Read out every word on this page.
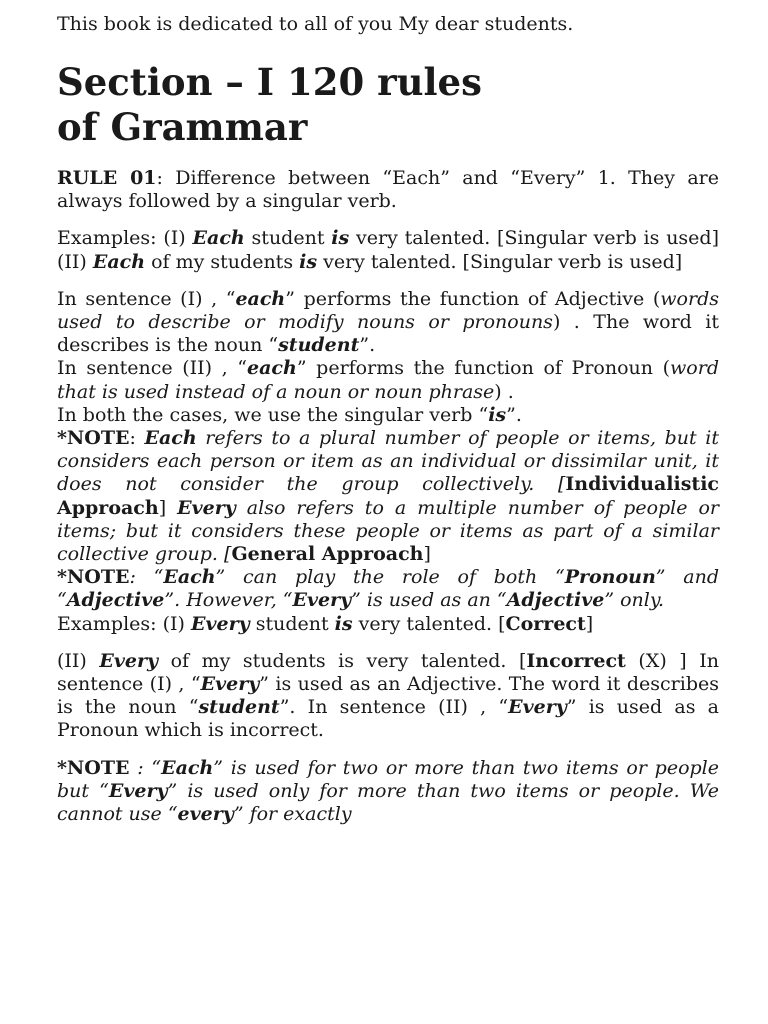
This book is dedicated to all of you My dear students.

Section – I 120 rules
of Grammar

RULE 01: Difference between “Each” and “Every” 1. They are always followed by a singular verb.

Examples: (I) Each student is very talented. [Singular verb is used] (II) Each of my students is very talented. [Singular verb is used]

In sentence (I) , “each” performs the function of Adjective (words used to describe or modify nouns or pronouns) . The word it describes is the noun “student”.

In sentence (II) , “each” performs the function of Pronoun (word that is used instead of a noun or noun phrase) .

In both the cases, we use the singular verb “is”.

*NOTE: Each refers to a plural number of people or items, but it considers each person or item as an individual or dissimilar unit, it does not consider the group collectively. [Individualistic Approach] Every also refers to a multiple number of people or items; but it considers these people or items as part of a similar collective group. [General Approach]

*NOTE: “Each” can play the role of both “Pronoun” and “Adjective”. However, “Every” is used as an “Adjective” only.

Examples: (I) Every student is very talented. [Correct]

(II) Every of my students is very talented. [Incorrect (X) ] In sentence (I) , “Every” is used as an Adjective. The word it describes is the noun “student”. In sentence (II) , “Every” is used as a Pronoun which is incorrect.

*NOTE : “Each” is used for two or more than two items or people but “Every” is used only for more than two items or people. We cannot use “every” for exactly
